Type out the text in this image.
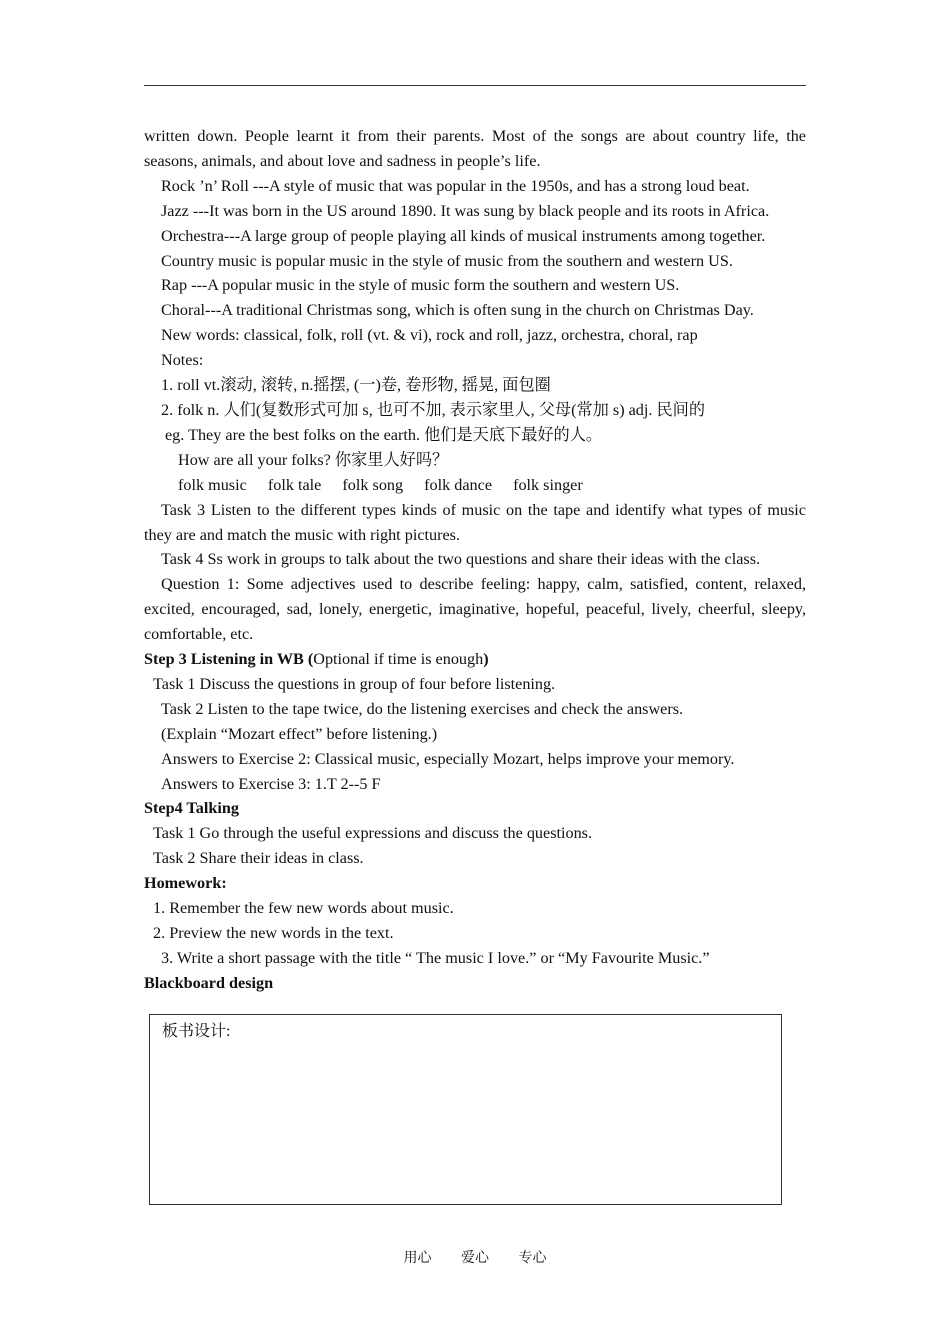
written down. People learnt it from their parents. Most of the songs are about country life, the seasons, animals, and about love and sadness in people’s life.

Rock ’n’ Roll ---A style of music that was popular in the 1950s, and has a strong loud beat.

Jazz ---It was born in the US around 1890. It was sung by black people and its roots in Africa.

Orchestra---A large group of people playing all kinds of musical instruments among together.

Country music is popular music in the style of music from the southern and western US.

Rap ---A popular music in the style of music form the southern and western US.

Choral---A traditional Christmas song, which is often sung in the church on Christmas Day.

New words: classical, folk, roll (vt. & vi), rock and roll, jazz, orchestra, choral, rap

Notes:

1. roll vt.滚动, 滚转, n.摇摆, (一)卷, 卷形物, 摇晃, 面包圈

2. folk n. 人们(复数形式可加 s, 也可不加, 表示家里人, 父母(常加 s) adj. 民间的

eg. They are the best folks on the earth. 他们是天底下最好的人。

How are all your folks? 你家里人好吗？

folk music folk tale folk song folk dance folk singer

Task 3 Listen to the different types kinds of music on the tape and identify what types of music they are and match the music with right pictures.

Task 4 Ss work in groups to talk about the two questions and share their ideas with the class.

Question 1: Some adjectives used to describe feeling: happy, calm, satisfied, content, relaxed, excited, encouraged, sad, lonely, energetic, imaginative, hopeful, peaceful, lively, cheerful, sleepy, comfortable, etc.

Step 3 Listening in WB (Optional if time is enough)

Task 1 Discuss the questions in group of four before listening.

Task 2 Listen to the tape twice, do the listening exercises and check the answers.

(Explain “Mozart effect” before listening.)

Answers to Exercise 2: Classical music, especially Mozart, helps improve your memory.

Answers to Exercise 3: 1.T 2--5 F

Step4 Talking

Task 1 Go through the useful expressions and discuss the questions.

Task 2 Share their ideas in class.

Homework:

1. Remember the few new words about music.

2. Preview the new words in the text.

3. Write a short passage with the title “ The music I love.” or “My Favourite Music.”

Blackboard design

板书设计:
用心 爱心 专心
